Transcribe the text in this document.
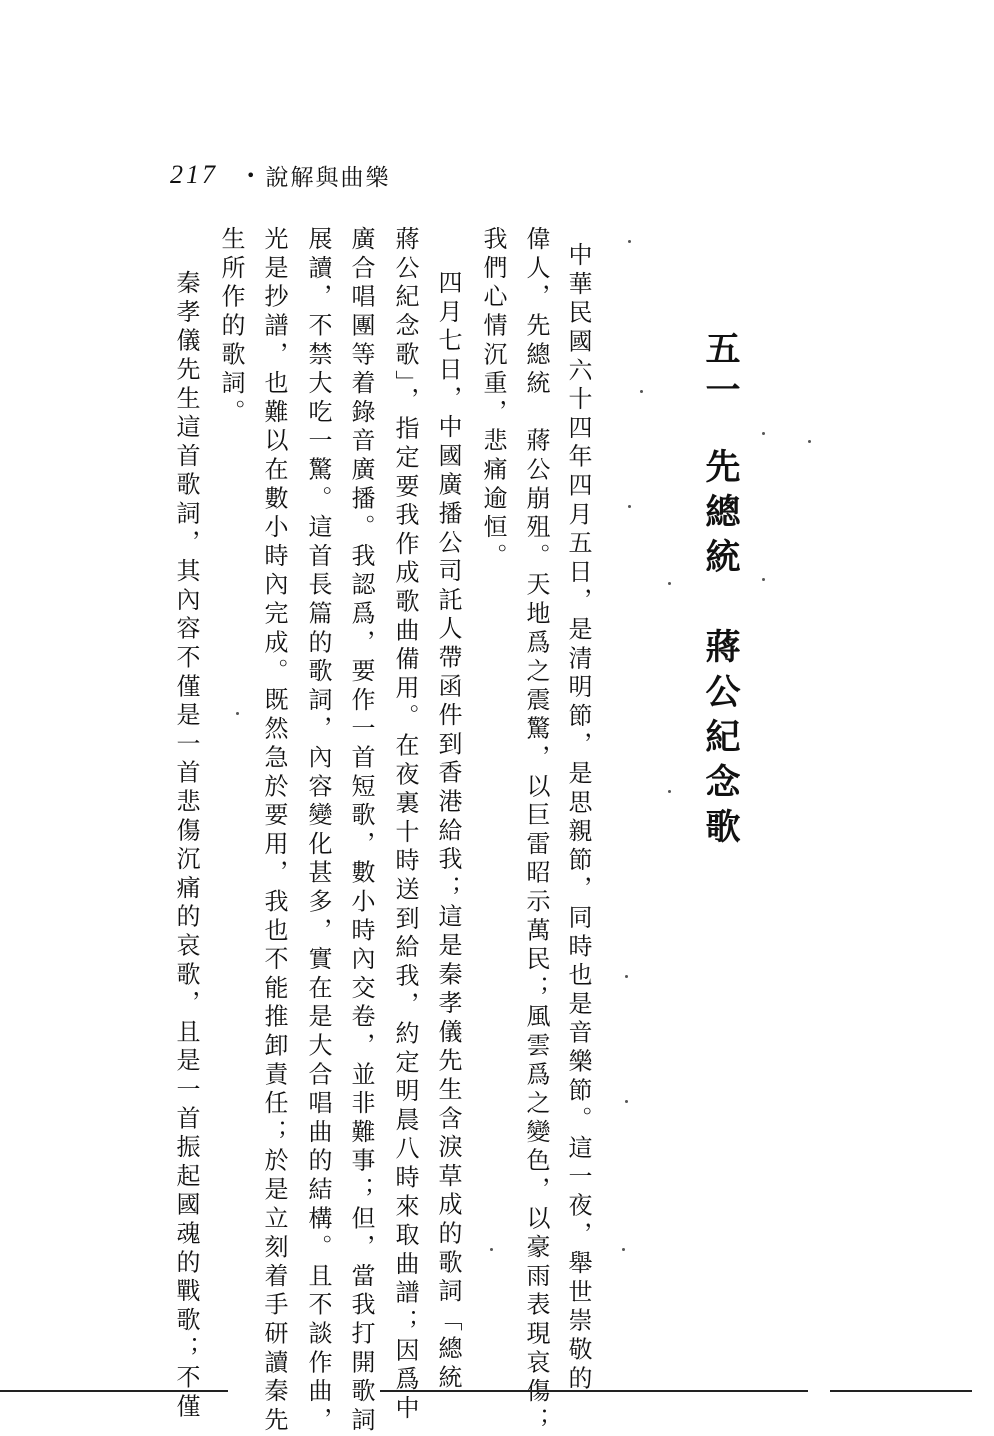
217 • 說解與曲樂
五一先總統　蔣公紀念歌
中華民國六十四年四月五日，是清明節，是思親節，同時也是音樂節。這一夜，舉世崇敬的
偉人，先總統　蔣公崩殂。天地爲之震驚，以巨雷昭示萬民；風雲爲之變色，以豪雨表現哀傷；
我們心情沉重，悲痛逾恒。
四月七日，中國廣播公司託人帶函件到香港給我；這是秦孝儀先生含淚草成的歌詞「總統
蔣公紀念歌」，指定要我作成歌曲備用。在夜裏十時送到給我，約定明晨八時來取曲譜；因爲中
廣合唱團等着錄音廣播。我認爲，要作一首短歌，數小時內交卷，並非難事；但，當我打開歌詞
展讀，不禁大吃一驚。這首長篇的歌詞，內容變化甚多，實在是大合唱曲的結構。且不談作曲，
光是抄譜，也難以在數小時內完成。既然急於要用，我也不能推卸責任；於是立刻着手研讀秦先
生所作的歌詞。
秦孝儀先生這首歌詞，其內容不僅是一首悲傷沉痛的哀歌，且是一首振起國魂的戰歌；不僅
